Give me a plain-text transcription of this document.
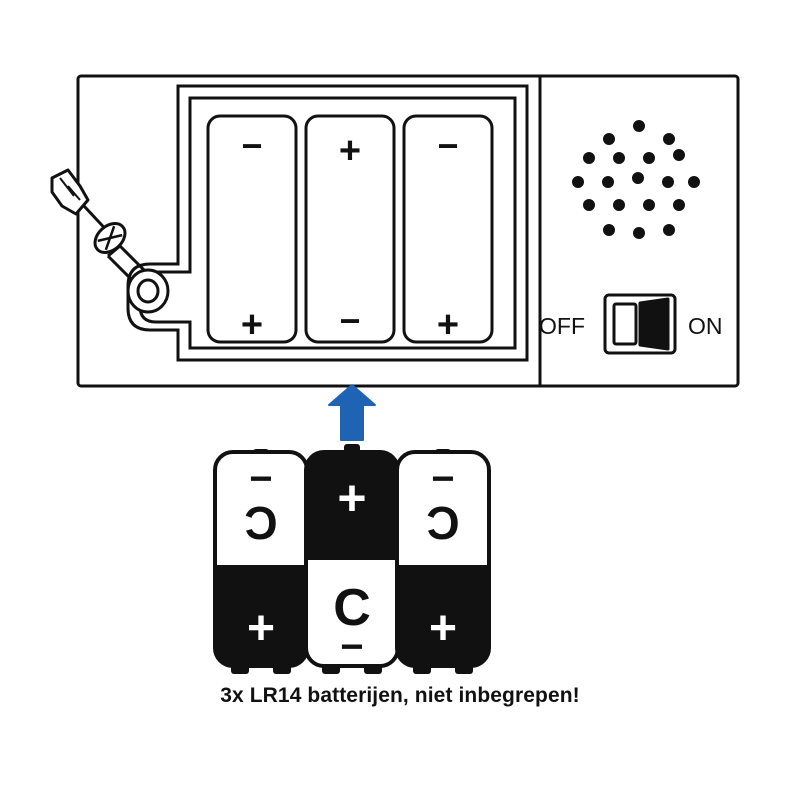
−
+
+
−
−
+	OFF	ON
−
C
+
+
C
−
−
C
+
3x LR14 batterijen, niet inbegrepen!
